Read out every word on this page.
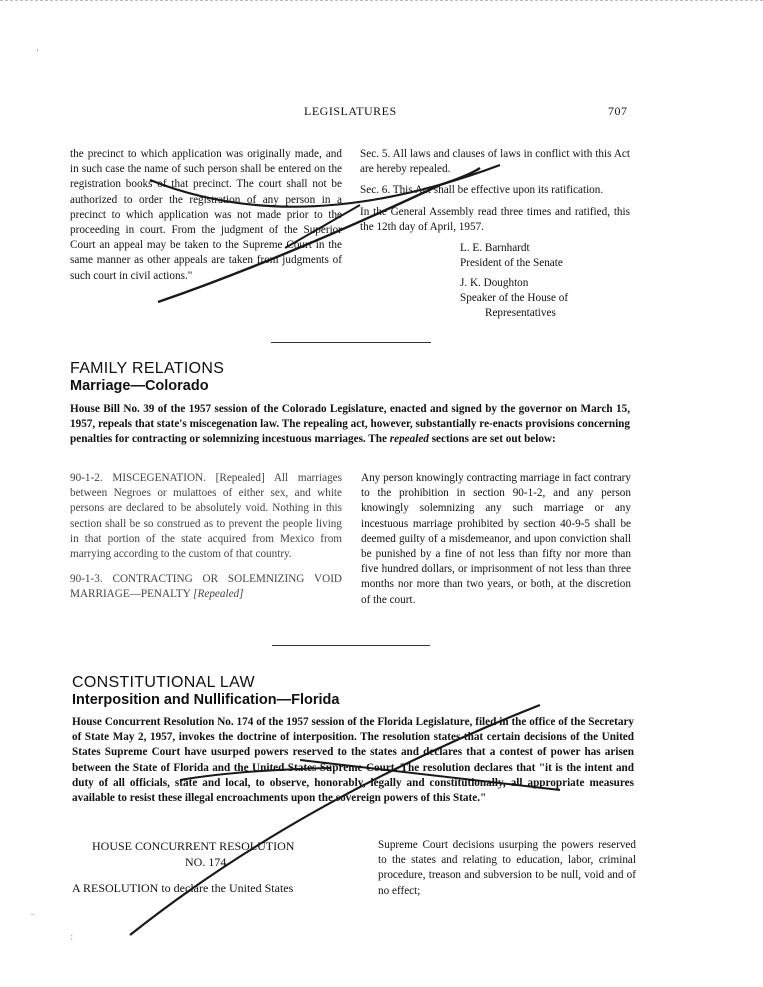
LEGISLATURES	707

the precinct to which application was originally made, and in such case the name of such person shall be entered on the registration books of that precinct. The court shall not be authorized to order the registration of any person in a precinct to which application was not made prior to the proceeding in court. From the judgment of the Superior Court an appeal may be taken to the Supreme Court in the same manner as other appeals are taken from judgments of such court in civil actions."

Sec. 5. All laws and clauses of laws in conflict with this Act are hereby repealed.

Sec. 6. This Act shall be effective upon its ratification.

In the General Assembly read three times and ratified, this the 12th day of April, 1957.

L. E. Barnhardt
President of the Senate
J. K. Doughton
Speaker of the House of
Representatives
FAMILY RELATIONS
Marriage—Colorado
House Bill No. 39 of the 1957 session of the Colorado Legislature, enacted and signed by the governor on March 15, 1957, repeals that state's miscegenation law. The repealing act, however, substantially re-enacts provisions concerning penalties for contracting or solemnizing incestuous marriages. The repealed sections are set out below:

90-1-2. MISCEGENATION. [Repealed] All marriages between Negroes or mulattoes of either sex, and white persons are declared to be absolutely void. Nothing in this section shall be so construed as to prevent the people living in that portion of the state acquired from Mexico from marrying according to the custom of that country.

90-1-3. CONTRACTING OR SOLEMNIZING VOID MARRIAGE—PENALTY [Repealed]

Any person knowingly contracting marriage in fact contrary to the prohibition in section 90-1-2, and any person knowingly solemnizing any such marriage or any incestuous marriage prohibited by section 40-9-5 shall be deemed guilty of a misdemeanor, and upon conviction shall be punished by a fine of not less than fifty nor more than five hundred dollars, or imprisonment of not less than three months nor more than two years, or both, at the discretion of the court.

CONSTITUTIONAL LAW
Interposition and Nullification—Florida
House Concurrent Resolution No. 174 of the 1957 session of the Florida Legislature, filed in the office of the Secretary of State May 2, 1957, invokes the doctrine of interposition. The resolution states that certain decisions of the United States Supreme Court have usurped powers reserved to the states and declares that a contest of power has arisen between the State of Florida and the United States Supreme Court. The resolution declares that "it is the intent and duty of all officials, state and local, to observe, honorably, legally and constitutionally, all appropriate measures available to resist these illegal encroachments upon the sovereign powers of this State."
HOUSE CONCURRENT RESOLUTION
NO. 174
A RESOLUTION to declare the United States

Supreme Court decisions usurping the powers reserved to the states and relating to education, labor, criminal procedure, treason and subversion to be null, void and of no effect;

'
⁻
:
